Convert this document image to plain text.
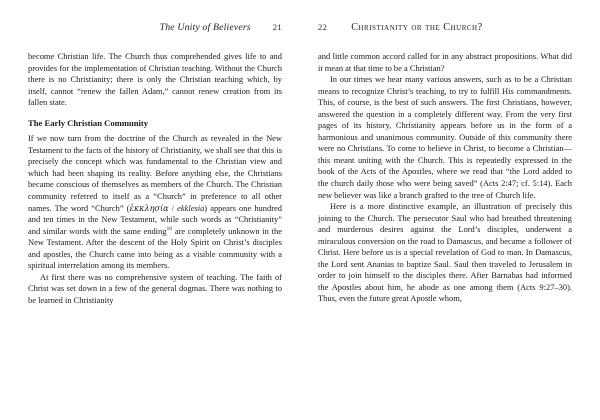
The Unity of Believers	21

become Christian life. The Church thus comprehended gives life to and provides for the implementation of Christian teaching. Without the Church there is no Christianity; there is only the Christian teaching which, by itself, cannot “renew the fallen Adam,” cannot renew creation from its fallen state.

The Early Christian Community

If we now turn from the doctrine of the Church as revealed in the New Testament to the facts of the history of Christianity, we shall see that this is precisely the concept which was fundamental to the Christian view and which had been shaping its reality. Before anything else, the Christians became conscious of themselves as members of the Church. The Christian community referred to itself as a “Church” in preference to all other names. The word “Church” (ἐκκλησία / ekklesia) appears one hundred and ten times in the New Testament, while such words as “Christianity” and similar words with the same ending$^{16}$ are completely unknown in the New Testament. After the descent of the Holy Spirit on Christ’s disciples and apostles, the Church came into being as a visible community with a spiritual interrelation among its members.

At first there was no comprehensive system of teaching. The faith of Christ was set down in a few of the general dogmas. There was nothing to be learned in Christianity

22 Christianity or the Church?

and little common accord called for in any abstract propositions. What did it mean at that time to be a Christian?

In our times we hear many various answers, such as to be a Christian means to recognize Christ’s teaching, to try to fulfill His commandments. This, of course, is the best of such answers. The first Christians, however, answered the question in a completely different way. From the very first pages of its history, Christianity appears before us in the form of a harmonious and unanimous community. Outside of this community there were no Christians. To come to believe in Christ, to become a Christian—this meant uniting with the Church. This is repeatedly expressed in the book of the Acts of the Apostles, where we read that “the Lord added to the church daily those who were being saved” (Acts 2:47; cf. 5:14). Each new believer was like a branch grafted to the tree of Church life.

Here is a more distinctive example, an illustration of precisely this joining to the Church. The persecutor Saul who had breathed threatening and murderous desires against the Lord’s disciples, underwent a miraculous conversion on the road to Damascus, and became a follower of Christ. Here before us is a special revelation of God to man. In Damascus, the Lord sent Ananias to baptize Saul. Saul then traveled to Jerusalem in order to join himself to the disciples there. After Barnabas had informed the Apostles about him, he abode as one among them (Acts 9:27–30). Thus, even the future great Apostle whom,
